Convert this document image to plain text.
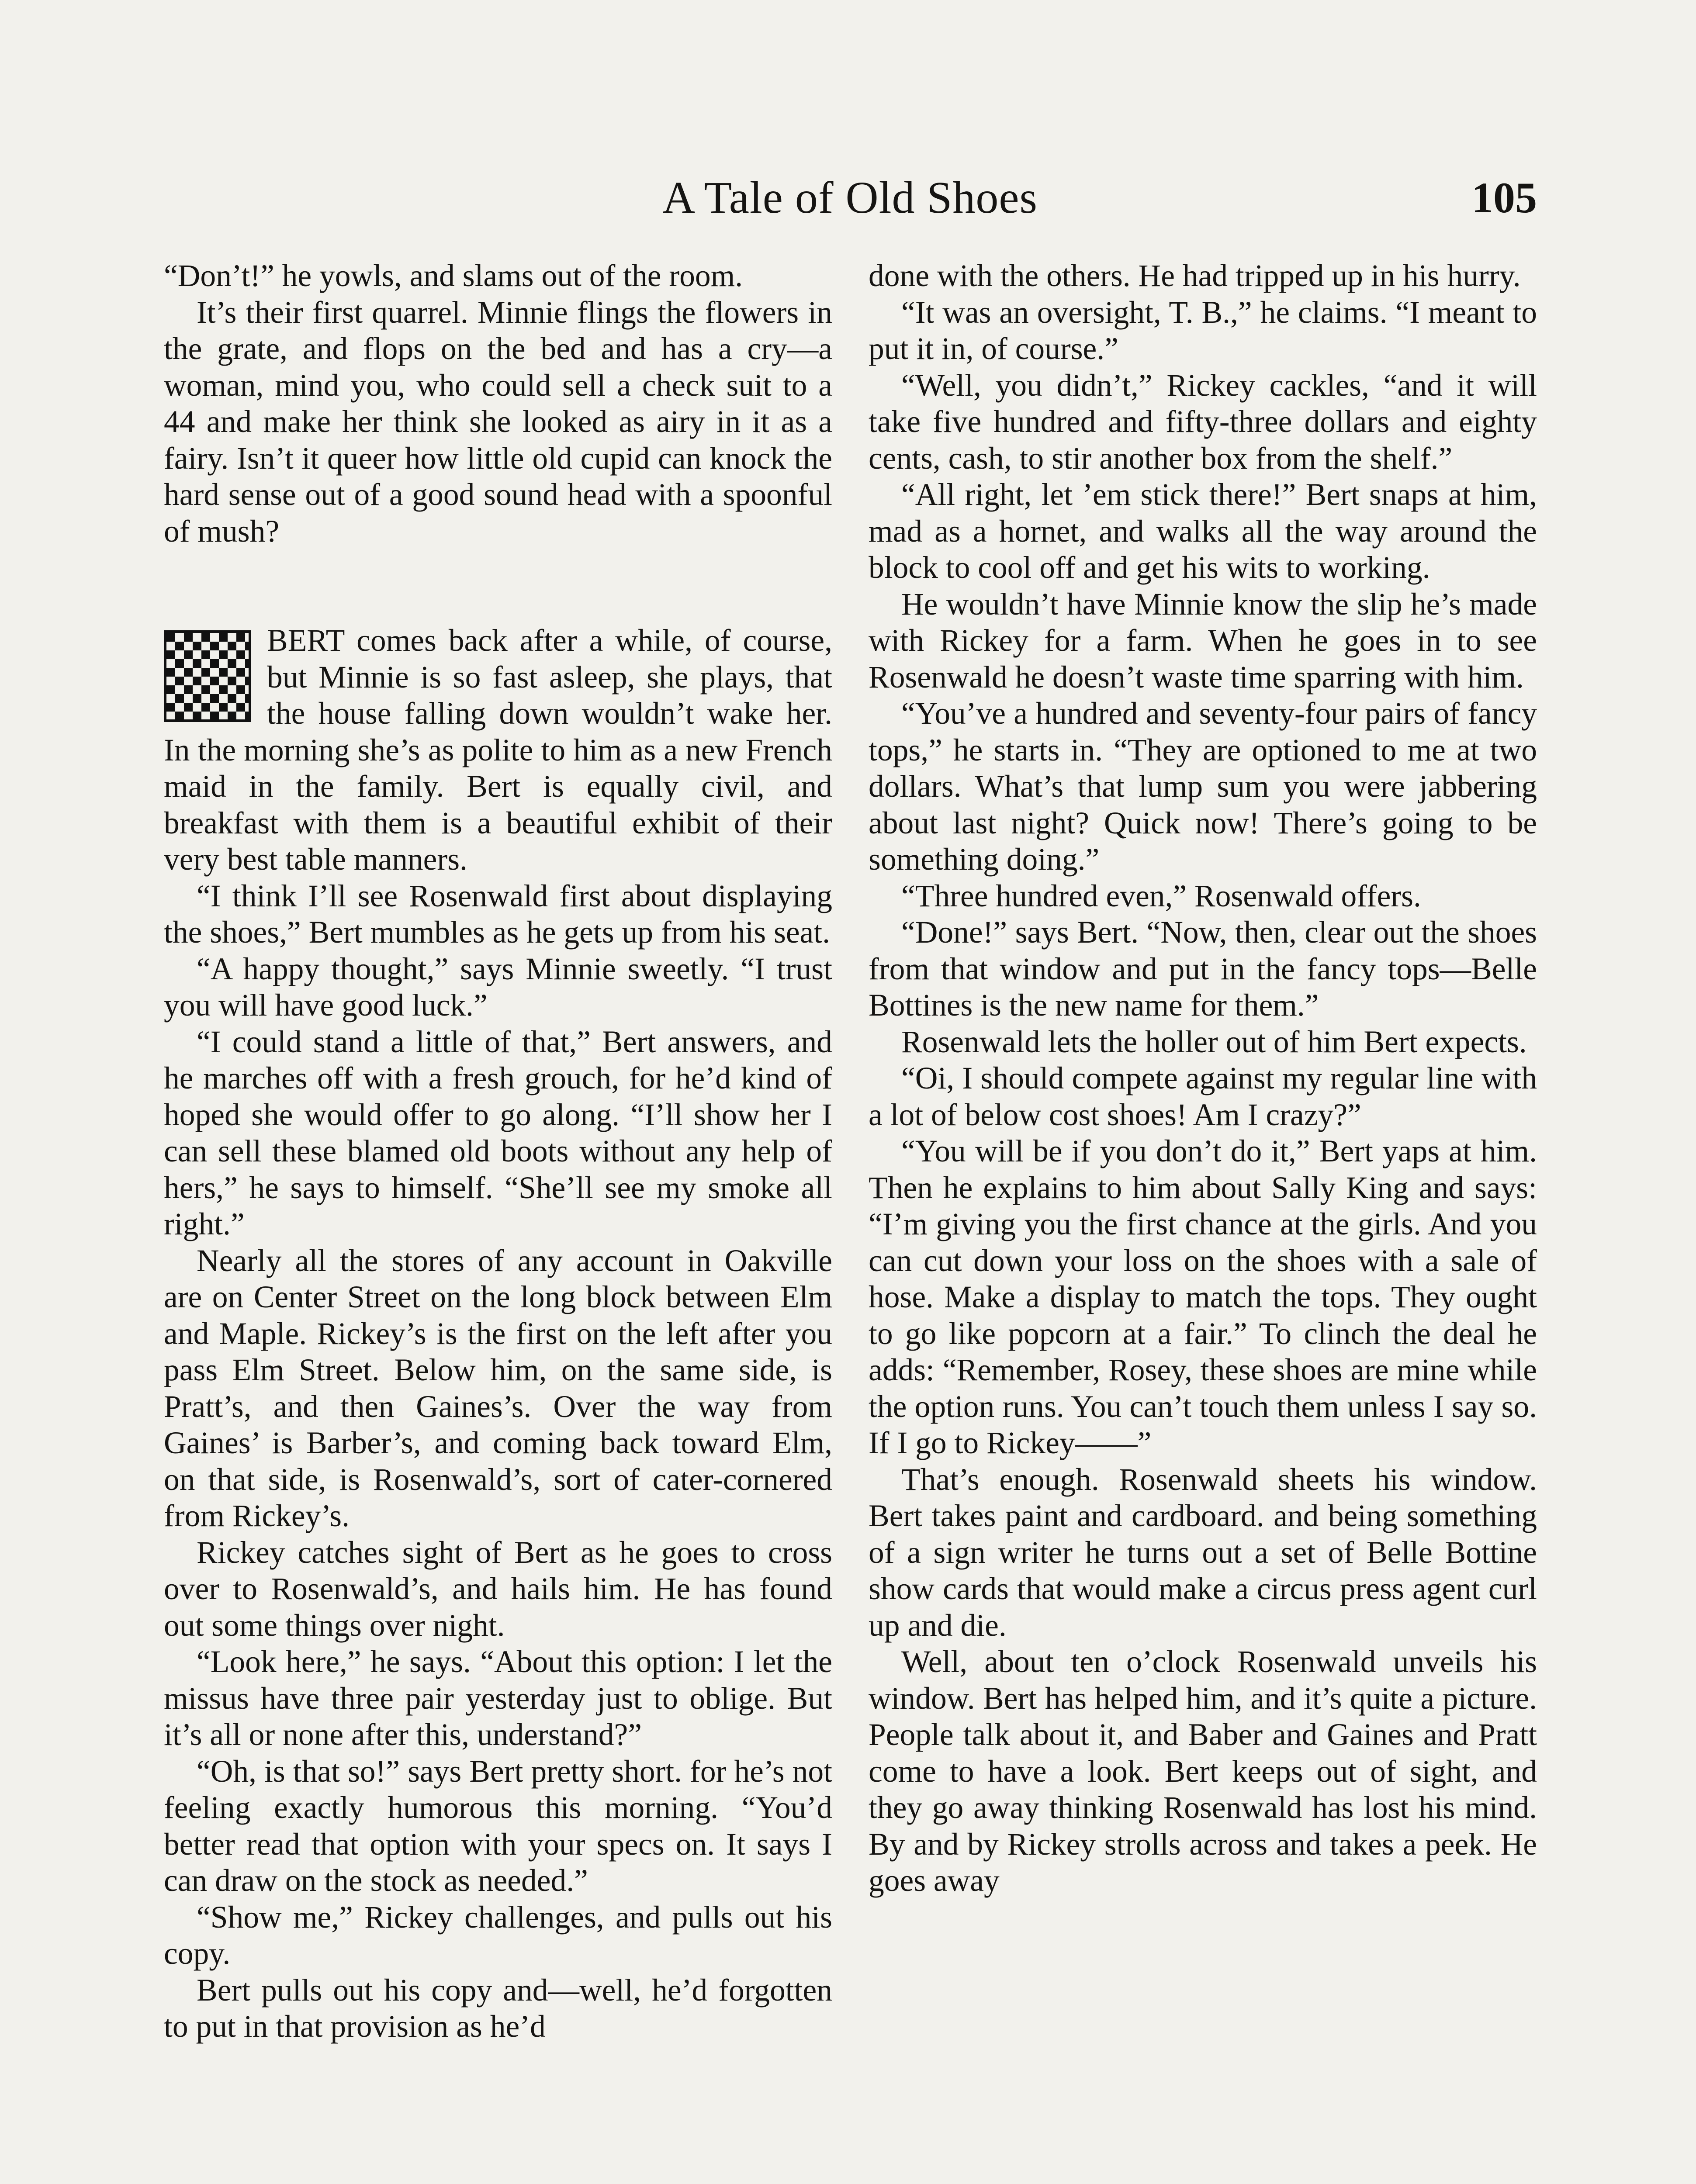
A Tale of Old Shoes	105

“Don’t!” he yowls, and slams out of the room.

It’s their first quarrel. Minnie flings the flowers in the grate, and flops on the bed and has a cry—a woman, mind you, who could sell a check suit to a 44 and make her think she looked as airy in it as a fairy. Isn’t it queer how little old cupid can knock the hard sense out of a good sound head with a spoonful of mush?

BERT comes back after a while, of course, but Minnie is so fast asleep, she plays, that the house falling down wouldn’t wake her. In the morning she’s as polite to him as a new French maid in the family. Bert is equally civil, and breakfast with them is a beautiful exhibit of their very best table manners.

“I think I’ll see Rosenwald first about displaying the shoes,” Bert mumbles as he gets up from his seat.

“A happy thought,” says Minnie sweetly. “I trust you will have good luck.”

“I could stand a little of that,” Bert answers, and he marches off with a fresh grouch, for he’d kind of hoped she would offer to go along. “I’ll show her I can sell these blamed old boots without any help of hers,” he says to himself. “She’ll see my smoke all right.”

Nearly all the stores of any account in Oakville are on Center Street on the long block between Elm and Maple. Rickey’s is the first on the left after you pass Elm Street. Below him, on the same side, is Pratt’s, and then Gaines’s. Over the way from Gaines’ is Barber’s, and coming back toward Elm, on that side, is Rosenwald’s, sort of cater-cornered from Rickey’s.

Rickey catches sight of Bert as he goes to cross over to Rosenwald’s, and hails him. He has found out some things over night.

“Look here,” he says. “About this option: I let the missus have three pair yesterday just to oblige. But it’s all or none after this, understand?”

“Oh, is that so!” says Bert pretty short. for he’s not feeling exactly humorous this morning. “You’d better read that option with your specs on. It says I can draw on the stock as needed.”

“Show me,” Rickey challenges, and pulls out his copy.

Bert pulls out his copy and—well, he’d forgotten to put in that provision as he’d

done with the others. He had tripped up in his hurry.

“It was an oversight, T. B.,” he claims. “I meant to put it in, of course.”

“Well, you didn’t,” Rickey cackles, “and it will take five hundred and fifty-three dollars and eighty cents, cash, to stir another box from the shelf.”

“All right, let ’em stick there!” Bert snaps at him, mad as a hornet, and walks all the way around the block to cool off and get his wits to working.

He wouldn’t have Minnie know the slip he’s made with Rickey for a farm. When he goes in to see Rosenwald he doesn’t waste time sparring with him.

“You’ve a hundred and seventy-four pairs of fancy tops,” he starts in. “They are optioned to me at two dollars. What’s that lump sum you were jabbering about last night? Quick now! There’s going to be something doing.”

“Three hundred even,” Rosenwald offers.

“Done!” says Bert. “Now, then, clear out the shoes from that window and put in the fancy tops—Belle Bottines is the new name for them.”

Rosenwald lets the holler out of him Bert expects.

“Oi, I should compete against my regular line with a lot of below cost shoes! Am I crazy?”

“You will be if you don’t do it,” Bert yaps at him. Then he explains to him about Sally King and says: “I’m giving you the first chance at the girls. And you can cut down your loss on the shoes with a sale of hose. Make a display to match the tops. They ought to go like popcorn at a fair.” To clinch the deal he adds: “Remember, Rosey, these shoes are mine while the option runs. You can’t touch them unless I say so. If I go to Rickey——”

That’s enough. Rosenwald sheets his window. Bert takes paint and cardboard. and being something of a sign writer he turns out a set of Belle Bottine show cards that would make a circus press agent curl up and die.

Well, about ten o’clock Rosenwald unveils his window. Bert has helped him, and it’s quite a picture. People talk about it, and Baber and Gaines and Pratt come to have a look. Bert keeps out of sight, and they go away thinking Rosenwald has lost his mind. By and by Rickey strolls across and takes a peek. He goes away
